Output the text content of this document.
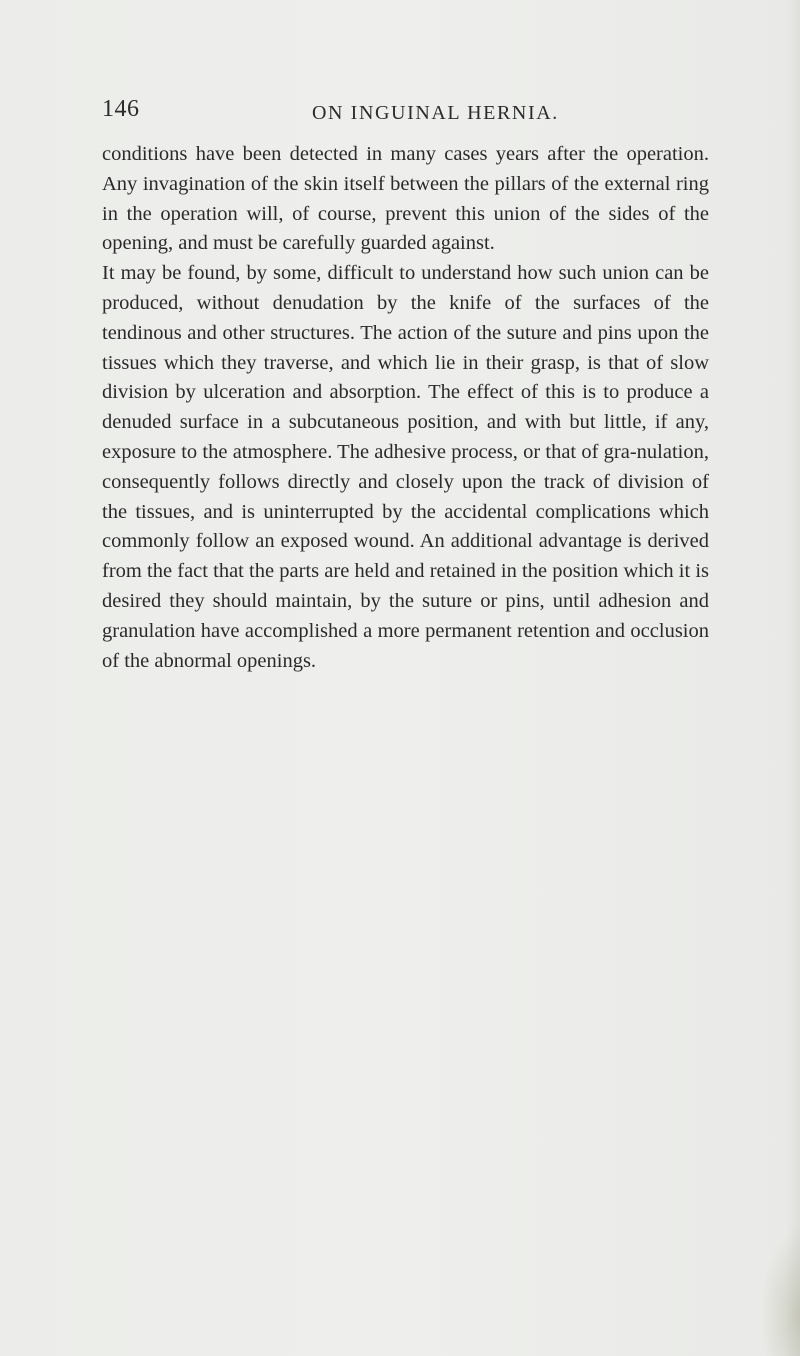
146	ON INGUINAL HERNIA.

conditions have been detected in many cases years after the operation. Any invagination of the skin itself between the pillars of the external ring in the operation will, of course, prevent this union of the sides of the opening, and must be carefully guarded against.

It may be found, by some, difficult to understand how such union can be produced, without denudation by the knife of the surfaces of the tendinous and other structures. The action of the suture and pins upon the tissues which they traverse, and which lie in their grasp, is that of slow division by ulceration and absorption. The effect of this is to produce a denuded surface in a subcutaneous position, and with but little, if any, exposure to the atmosphere. The adhesive process, or that of gra-nulation, consequently follows directly and closely upon the track of division of the tissues, and is uninterrupted by the accidental complications which commonly follow an exposed wound. An additional advantage is derived from the fact that the parts are held and retained in the position which it is desired they should maintain, by the suture or pins, until adhesion and granulation have accomplished a more permanent retention and occlusion of the abnormal openings.
